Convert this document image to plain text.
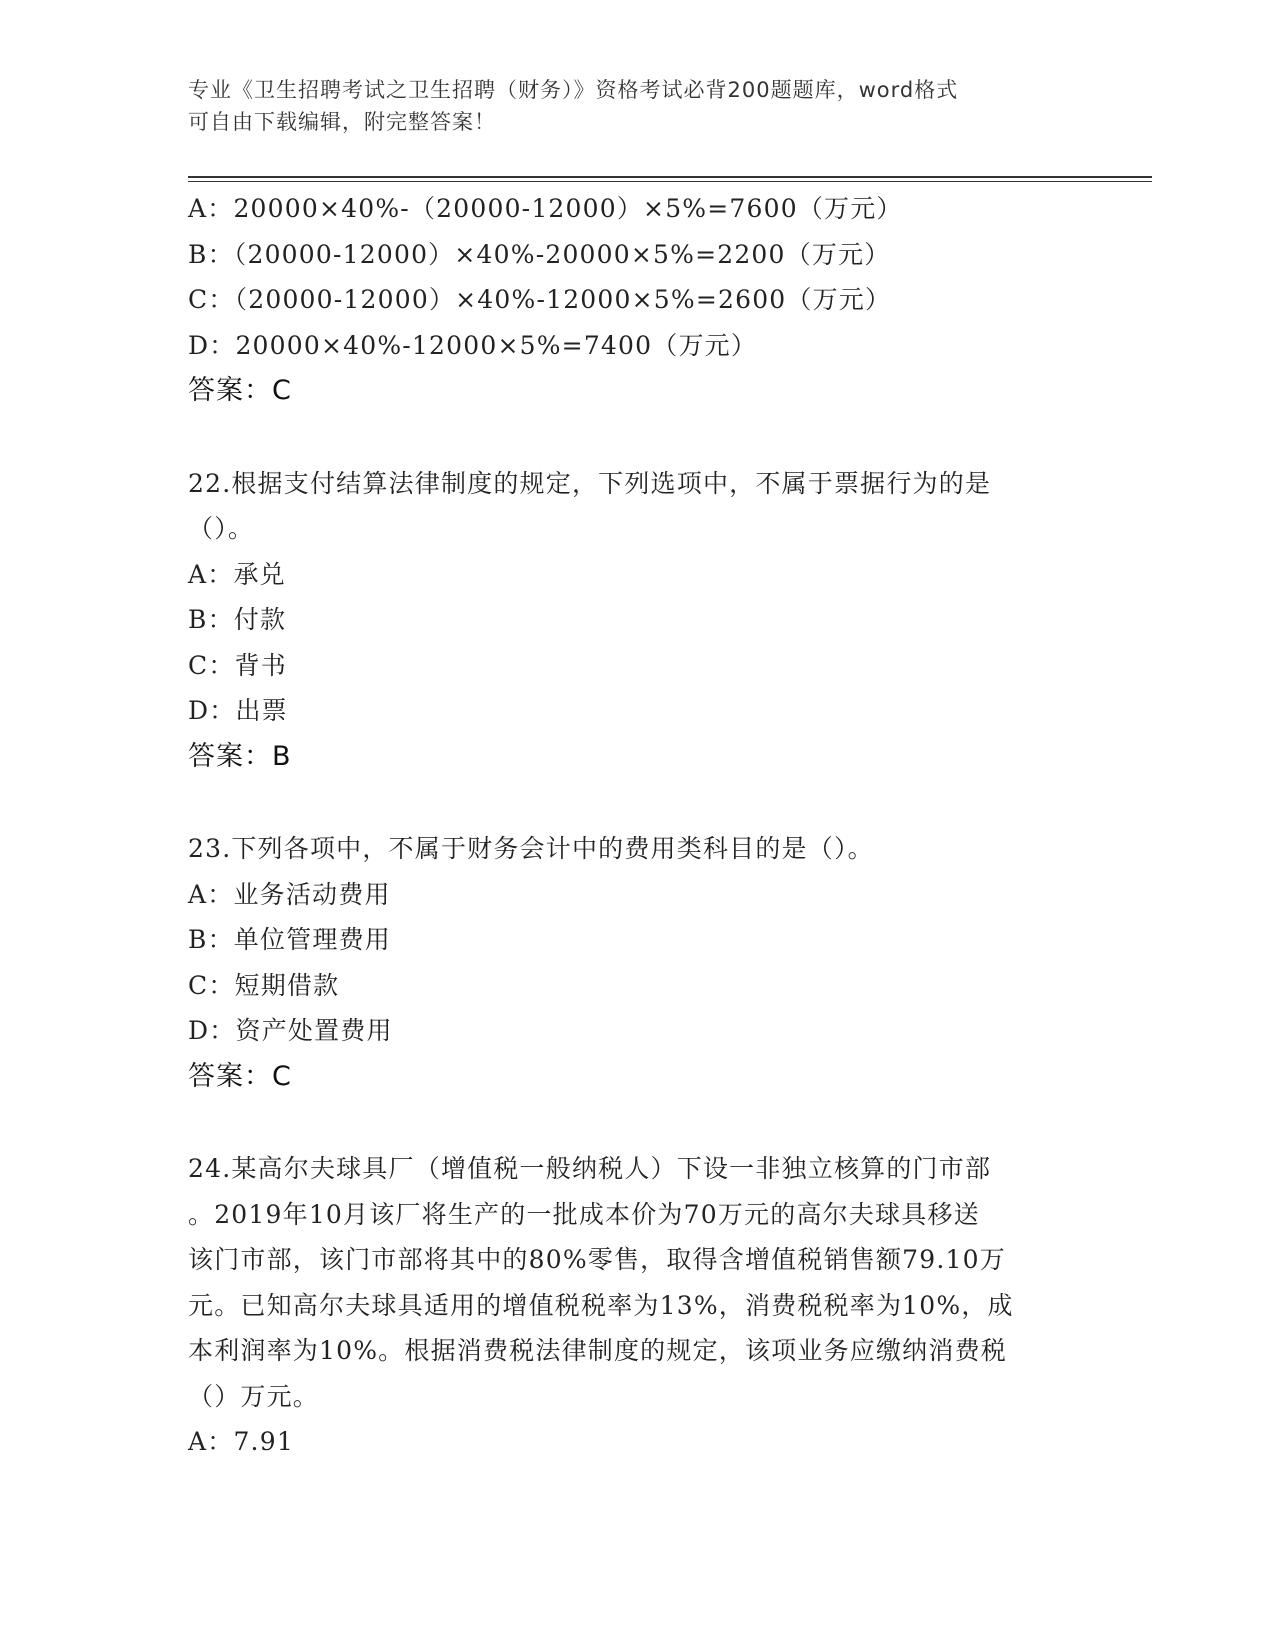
专业《卫生招聘考试之卫生招聘（财务）》资格考试必背200题题库，word格式
可自由下载编辑，附完整答案！
A：20000×40%-（20000-12000）×5%=7600（万元）
B：（20000-12000）×40%-20000×5%=2200（万元）
C：（20000-12000）×40%-12000×5%=2600（万元）
D：20000×40%-12000×5%=7400（万元）
答案：C
22.根据支付结算法律制度的规定，下列选项中，不属于票据行为的是
（）。
A：承兑
B：付款
C：背书
D：出票
答案：B
23.下列各项中，不属于财务会计中的费用类科目的是（）。
A：业务活动费用
B：单位管理费用
C：短期借款
D：资产处置费用
答案：C
24.某高尔夫球具厂（增值税一般纳税人）下设一非独立核算的门市部
。2019年10月该厂将生产的一批成本价为70万元的高尔夫球具移送
该门市部，该门市部将其中的80%零售，取得含增值税销售额79.10万
元。已知高尔夫球具适用的增值税税率为13%，消费税税率为10%，成
本利润率为10%。根据消费税法律制度的规定，该项业务应缴纳消费税
（）万元。
A：7.91
